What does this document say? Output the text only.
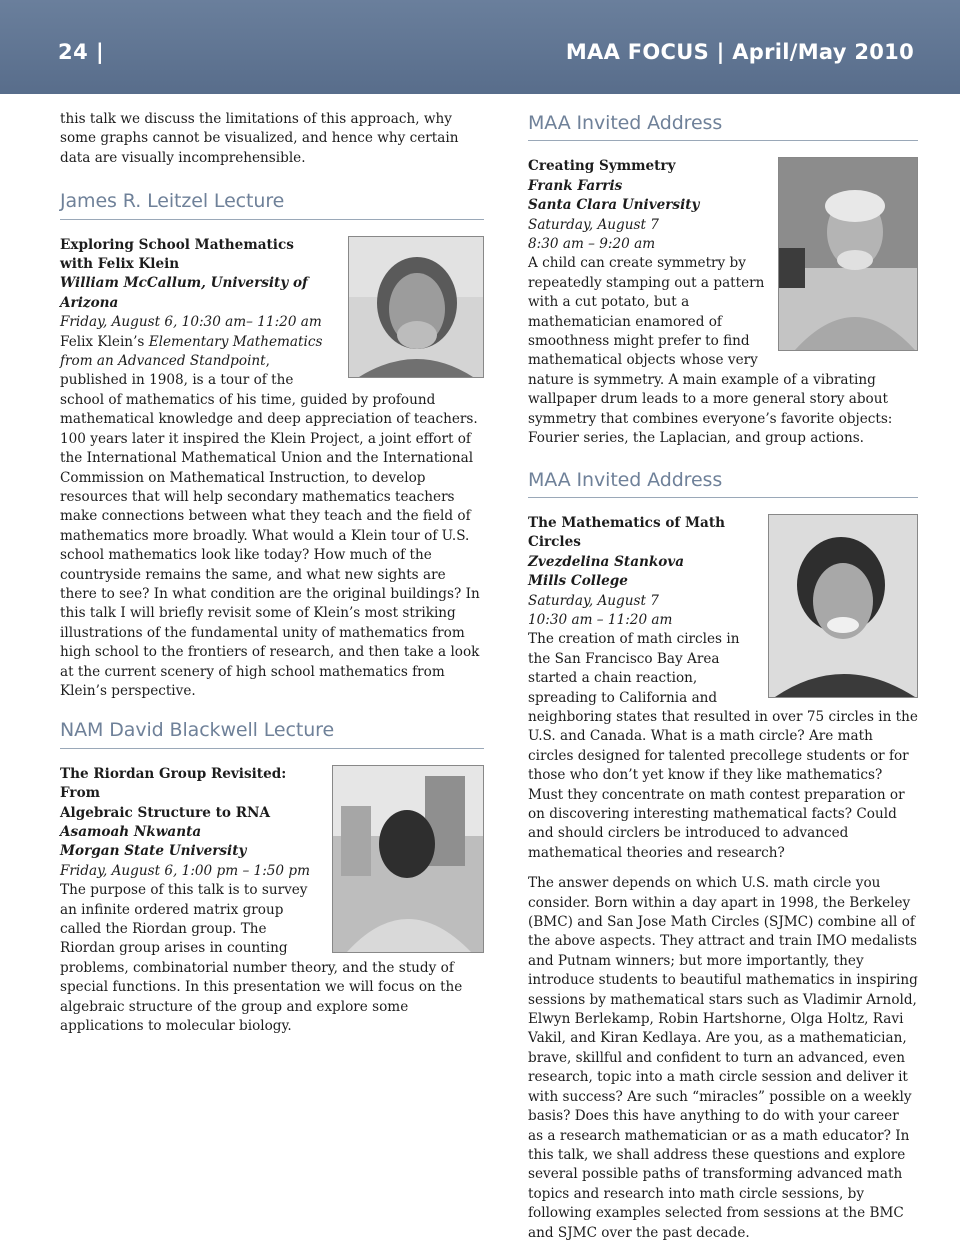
24 |	MAA FOCUS | April/May 2010

this talk we discuss the limitations of this approach, why some graphs cannot be visualized, and hence why certain data are visually incomprehensible.

James R. Leitzel Lecture
Exploring School Mathematics
with Felix Klein
William McCallum, University of Arizona
Friday, August 6, 10:30 am– 11:20 am

Felix Klein’s Elementary Mathematics from an Advanced Standpoint, published in 1908, is a tour of the school of mathematics of his time, guided by profound mathematical knowledge and deep appreciation of teachers. 100 years later it inspired the Klein Project, a joint effort of the International Mathematical Union and the International Commission on Mathematical Instruction, to develop resources that will help secondary mathematics teachers make connections between what they teach and the field of mathematics more broadly. What would a Klein tour of U.S. school mathematics look like today? How much of the countryside remains the same, and what new sights are there to see? In what condition are the original buildings? In this talk I will briefly revisit some of Klein’s most striking illustrations of the fundamental unity of mathematics from high school to the frontiers of research, and then take a look at the current scenery of high school mathematics from Klein’s perspective.

NAM David Blackwell Lecture
The Riordan Group Revisited: From
Algebraic Structure to RNA
Asamoah Nkwanta
Morgan State University
Friday, August 6, 1:00 pm – 1:50 pm

The purpose of this talk is to survey an infinite ordered matrix group called the Riordan group. The Riordan group arises in counting problems, combinatorial number theory, and the study of special functions. In this presentation we will focus on the algebraic structure of the group and explore some applications to molecular biology.

MAA Invited Address
Creating Symmetry
Frank Farris
Santa Clara University
Saturday, August 7
8:30 am – 9:20 am

A child can create symmetry by repeatedly stamping out a pattern with a cut potato, but a mathematician enamored of smoothness might prefer to find mathematical objects whose very nature is symmetry. A main example of a vibrating wallpaper drum leads to a more general story about symmetry that combines everyone’s favorite objects: Fourier series, the Laplacian, and group actions.

MAA Invited Address
The Mathematics of Math Circles
Zvezdelina Stankova
Mills College
Saturday, August 7
10:30 am – 11:20 am

The creation of math circles in the San Francisco Bay Area started a chain reaction, spreading to California and neighboring states that resulted in over 75 circles in the U.S. and Canada. What is a math circle? Are math circles designed for talented precollege students or for those who don’t yet know if they like mathematics? Must they concentrate on math contest preparation or on discovering interesting mathematical facts? Could and should circlers be introduced to advanced mathematical theories and research?

The answer depends on which U.S. math circle you consider. Born within a day apart in 1998, the Berkeley (BMC) and San Jose Math Circles (SJMC) combine all of the above aspects. They attract and train IMO medalists and Putnam winners; but more importantly, they introduce students to beautiful mathematics in inspiring sessions by mathematical stars such as Vladimir Arnold, Elwyn Berlekamp, Robin Hartshorne, Olga Holtz, Ravi Vakil, and Kiran Kedlaya. Are you, as a mathematician, brave, skillful and confident to turn an advanced, even research, topic into a math circle session and deliver it with success? Are such “miracles” possible on a weekly basis? Does this have anything to do with your career as a research mathematician or as a math educator? In this talk, we shall address these questions and explore several possible paths of transforming advanced math topics and research into math circle sessions, by following examples selected from sessions at the BMC and SJMC over the past decade.
